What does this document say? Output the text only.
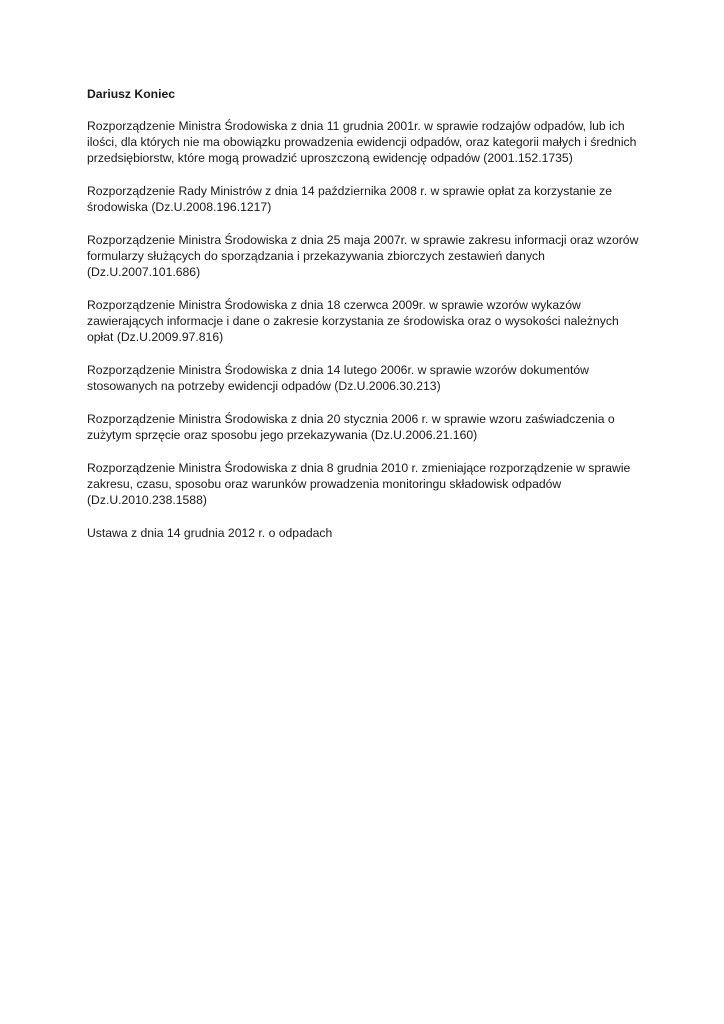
Dariusz Koniec

Rozporządzenie Ministra Środowiska z dnia 11 grudnia 2001r. w sprawie rodzajów odpadów, lub ich ilości, dla których nie ma obowiązku prowadzenia ewidencji odpadów, oraz kategorii małych i średnich przedsiębiorstw, które mogą prowadzić uproszczoną ewidencję odpadów (2001.152.1735)

Rozporządzenie Rady Ministrów z dnia 14 października 2008 r. w sprawie opłat za korzystanie ze środowiska (Dz.U.2008.196.1217)

Rozporządzenie Ministra Środowiska z dnia 25 maja 2007r. w sprawie zakresu informacji oraz wzorów formularzy służących do sporządzania i przekazywania zbiorczych zestawień danych (Dz.U.2007.101.686)

Rozporządzenie Ministra Środowiska z dnia 18 czerwca 2009r. w sprawie wzorów wykazów zawierających informacje i dane o zakresie korzystania ze środowiska oraz o wysokości należnych opłat (Dz.U.2009.97.816)

Rozporządzenie Ministra Środowiska z dnia 14 lutego 2006r. w sprawie wzorów dokumentów stosowanych na potrzeby ewidencji odpadów (Dz.U.2006.30.213)

Rozporządzenie Ministra Środowiska z dnia 20 stycznia 2006 r. w sprawie wzoru zaświadczenia o zużytym sprzęcie oraz sposobu jego przekazywania (Dz.U.2006.21.160)

Rozporządzenie Ministra Środowiska z dnia 8 grudnia 2010 r. zmieniające rozporządzenie w sprawie zakresu, czasu, sposobu oraz warunków prowadzenia monitoringu składowisk odpadów (Dz.U.2010.238.1588)

Ustawa z dnia 14 grudnia 2012 r. o odpadach
